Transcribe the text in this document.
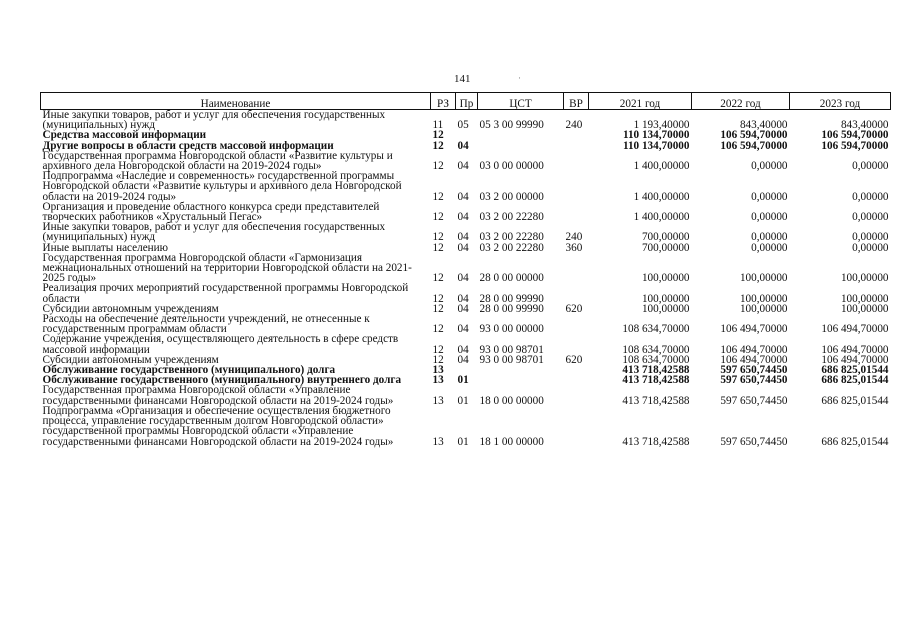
141	·
Наименование	РЗ	Пр	ЦСТ	ВР	2021 год	2022 год	2023 год
Иные закупки товаров, работ и услуг для обеспечения государственных (муниципальных) нужд	11	05	05 3 00 99990	240	1 193,40000	843,40000	843,40000
Средства массовой информации	12				110 134,70000	106 594,70000	106 594,70000
Другие вопросы в области средств массовой информации	12	04			110 134,70000	106 594,70000	106 594,70000
Государственная программа Новгородской области «Развитие культуры и архивного дела Новгородской области на 2019-2024 годы»	12	04	03 0 00 00000		1 400,00000	0,00000	0,00000
Подпрограмма «Наследие и современность» государственной программы Новгородской области «Развитие культуры и архивного дела Новгородской области на 2019-2024 годы»	12	04	03 2 00 00000		1 400,00000	0,00000	0,00000
Организация и проведение областного конкурса среди представителей творческих работников «Хрустальный Пегас»	12	04	03 2 00 22280		1 400,00000	0,00000	0,00000
Иные закупки товаров, работ и услуг для обеспечения государственных (муниципальных) нужд	12	04	03 2 00 22280	240	700,00000	0,00000	0,00000
Иные выплаты населению	12	04	03 2 00 22280	360	700,00000	0,00000	0,00000
Государственная программа Новгородской области «Гармонизация межнациональных отношений на территории Новгородской области на 2021-2025 годы»	12	04	28 0 00 00000		100,00000	100,00000	100,00000
Реализация прочих мероприятий государственной программы Новгородской области	12	04	28 0 00 99990		100,00000	100,00000	100,00000
Субсидии автономным учреждениям	12	04	28 0 00 99990	620	100,00000	100,00000	100,00000
Расходы на обеспечение деятельности учреждений, не отнесенные к государственным программам области	12	04	93 0 00 00000		108 634,70000	106 494,70000	106 494,70000
Содержание учреждения, осуществляющего деятельность в сфере средств массовой информации	12	04	93 0 00 98701		108 634,70000	106 494,70000	106 494,70000
Субсидии автономным учреждениям	12	04	93 0 00 98701	620	108 634,70000	106 494,70000	106 494,70000
Обслуживание государственного (муниципального) долга	13				413 718,42588	597 650,74450	686 825,01544
Обслуживание государственного (муниципального) внутреннего долга	13	01			413 718,42588	597 650,74450	686 825,01544
Государственная программа Новгородской области «Управление государственными финансами Новгородской области на 2019-2024 годы»	13	01	18 0 00 00000		413 718,42588	597 650,74450	686 825,01544
Подпрограмма «Организация и обеспечение осуществления бюджетного процесса, управление государственным долгом Новгородской области» государственной программы Новгородской области «Управление государственными финансами Новгородской области на 2019-2024 годы»	13	01	18 1 00 00000		413 718,42588	597 650,74450	686 825,01544
